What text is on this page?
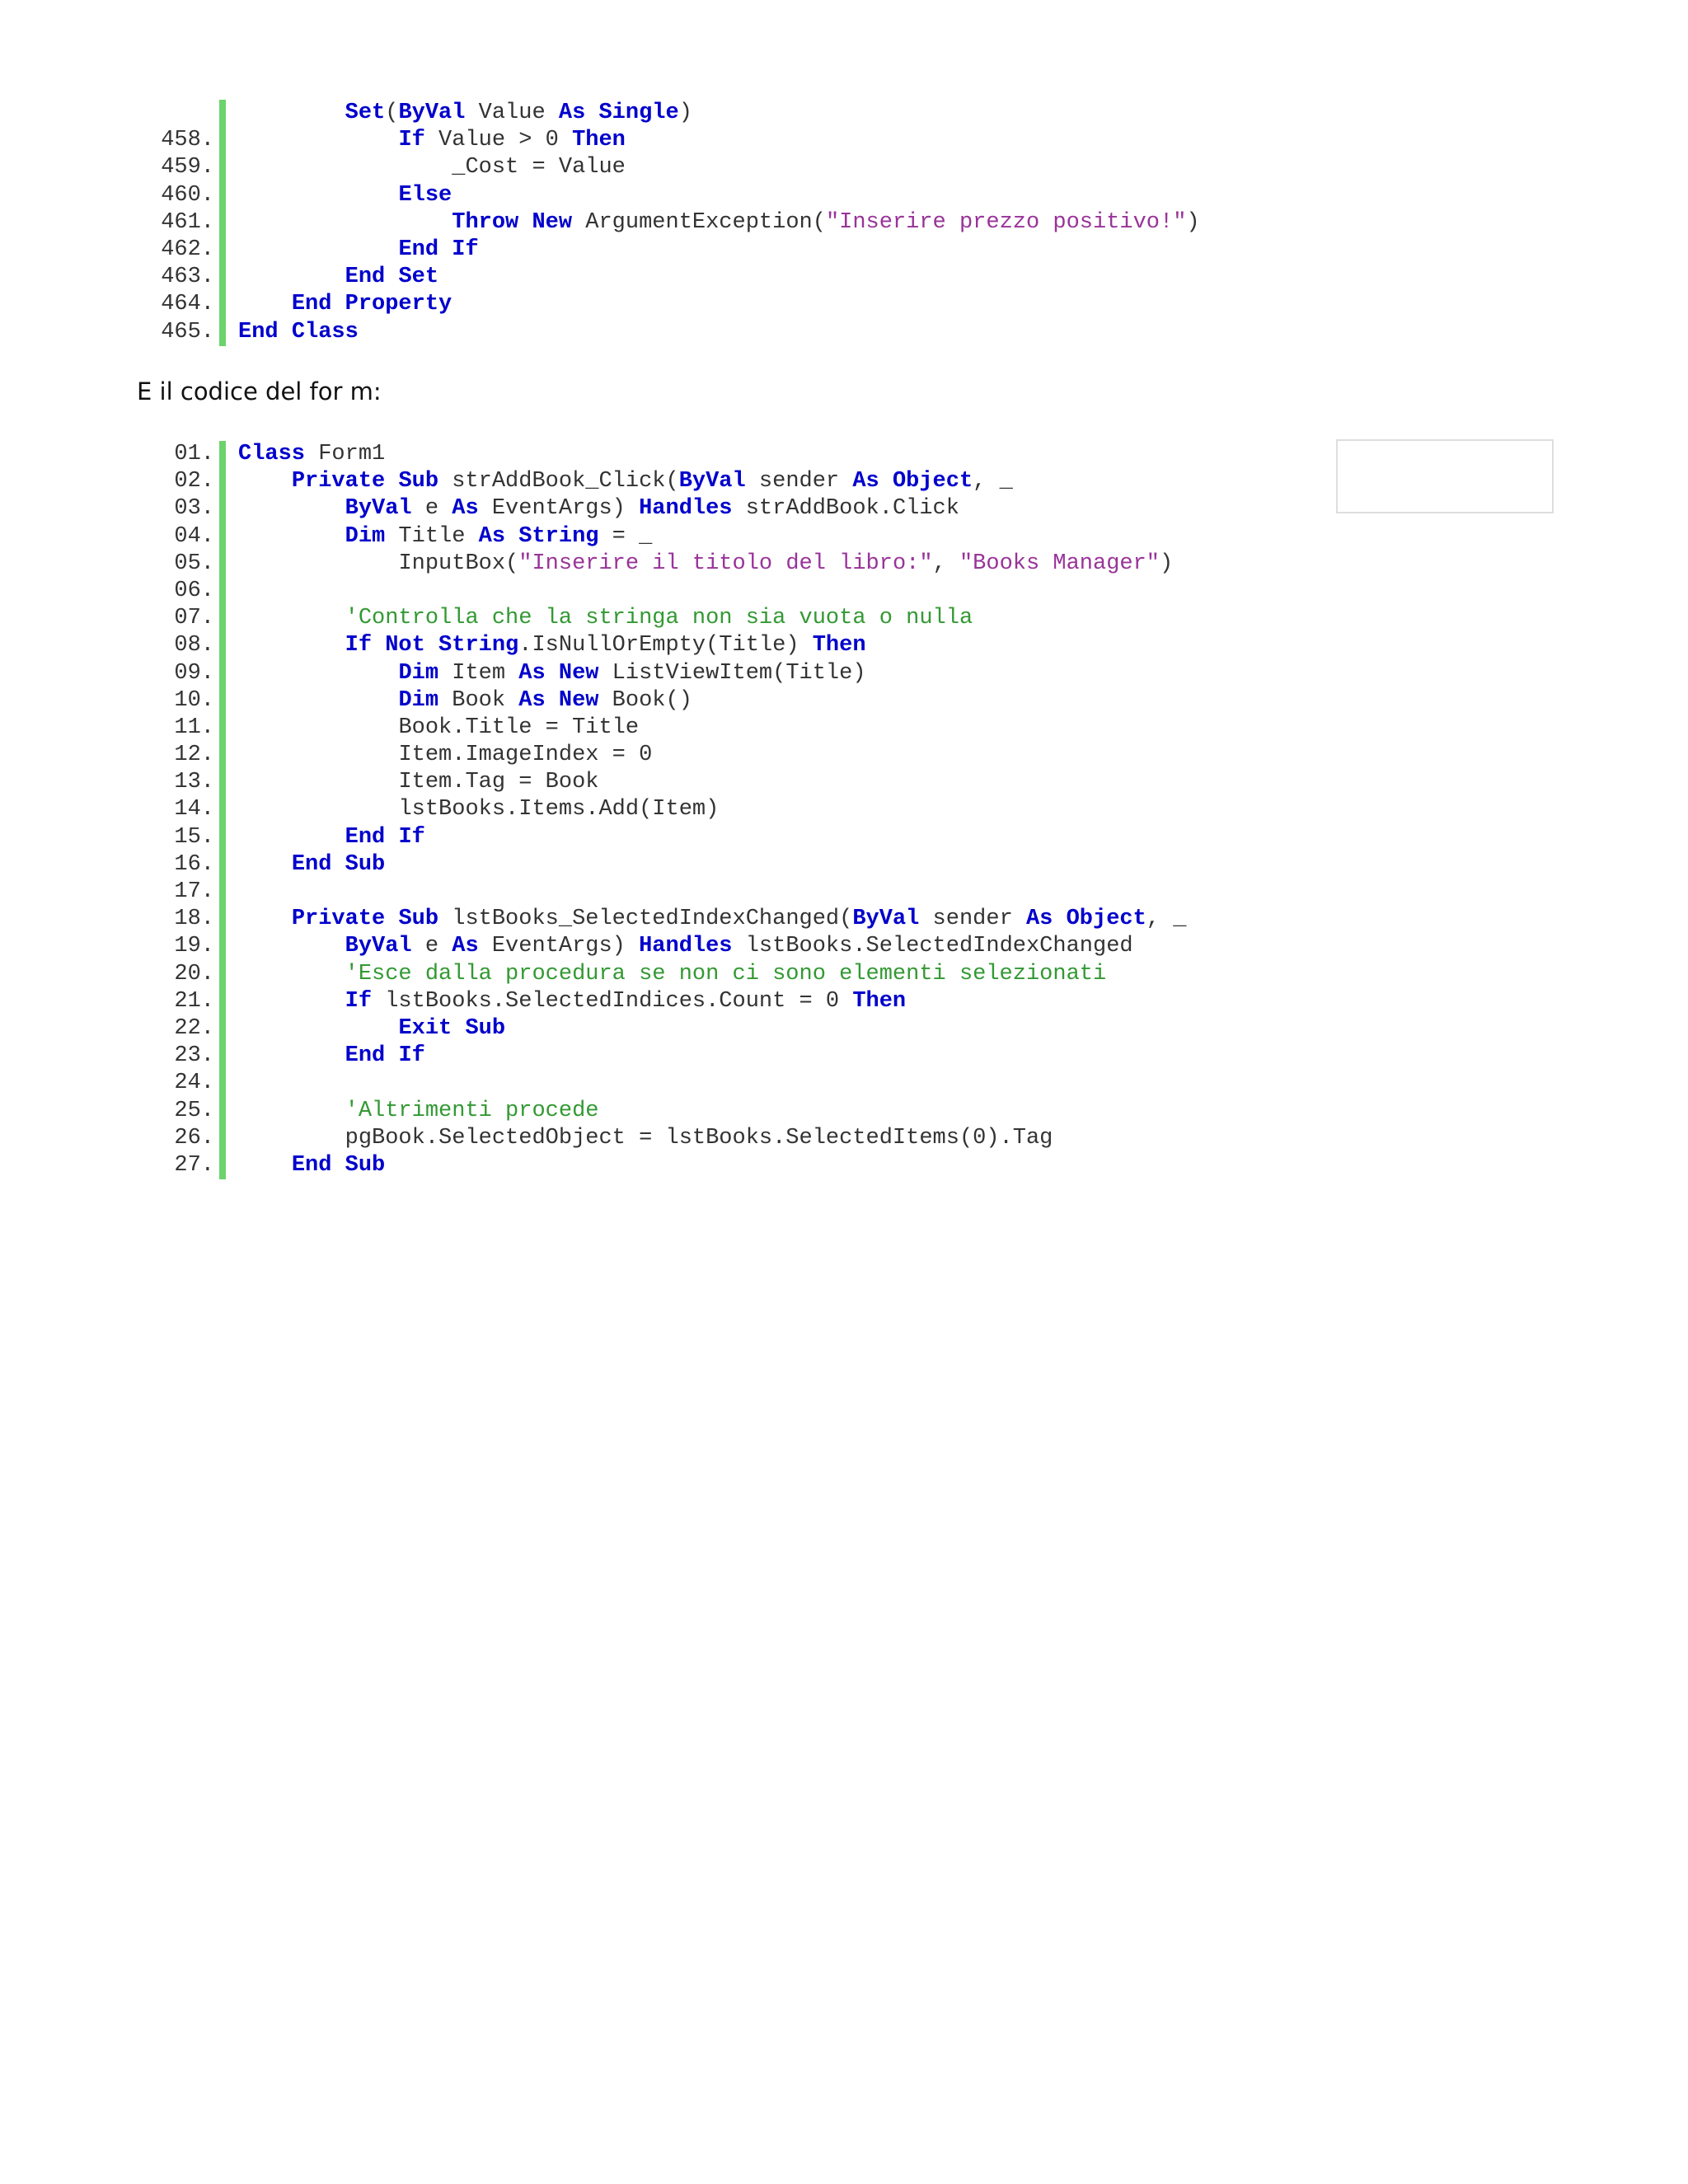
Set(ByVal Value As Single)
458.	If Value > 0 Then
459.	_Cost = Value
460.	Else
461.	Throw New ArgumentException("Inserire prezzo positivo!")
462.	End If
463.	End Set
464.	End Property
465. End Class
E il codice del for m:
01. Class Form1
02.	Private Sub strAddBook_Click(ByVal sender As Object, _
03.	ByVal e As EventArgs) Handles strAddBook.Click
04.	Dim Title As String = _
05.	InputBox("Inserire il titolo del libro:", "Books Manager")
06.
07.	'Controlla che la stringa non sia vuota o nulla
08.	If Not String.IsNullOrEmpty(Title) Then
09.	Dim Item As New ListViewItem(Title)
10.	Dim Book As New Book()
11.	Book.Title = Title
12.	Item.ImageIndex = 0
13.	Item.Tag = Book
14.	lstBooks.Items.Add(Item)
15.	End If
16.	End Sub
17.
18.	Private Sub lstBooks_SelectedIndexChanged(ByVal sender As Object, _
19.	ByVal e As EventArgs) Handles lstBooks.SelectedIndexChanged
20.	'Esce dalla procedura se non ci sono elementi selezionati
21.	If lstBooks.SelectedIndices.Count = 0 Then
22.	Exit Sub
23.	End If
24.
25.	'Altrimenti procede
26.	pgBook.SelectedObject = lstBooks.SelectedItems(0).Tag
27.	End Sub
